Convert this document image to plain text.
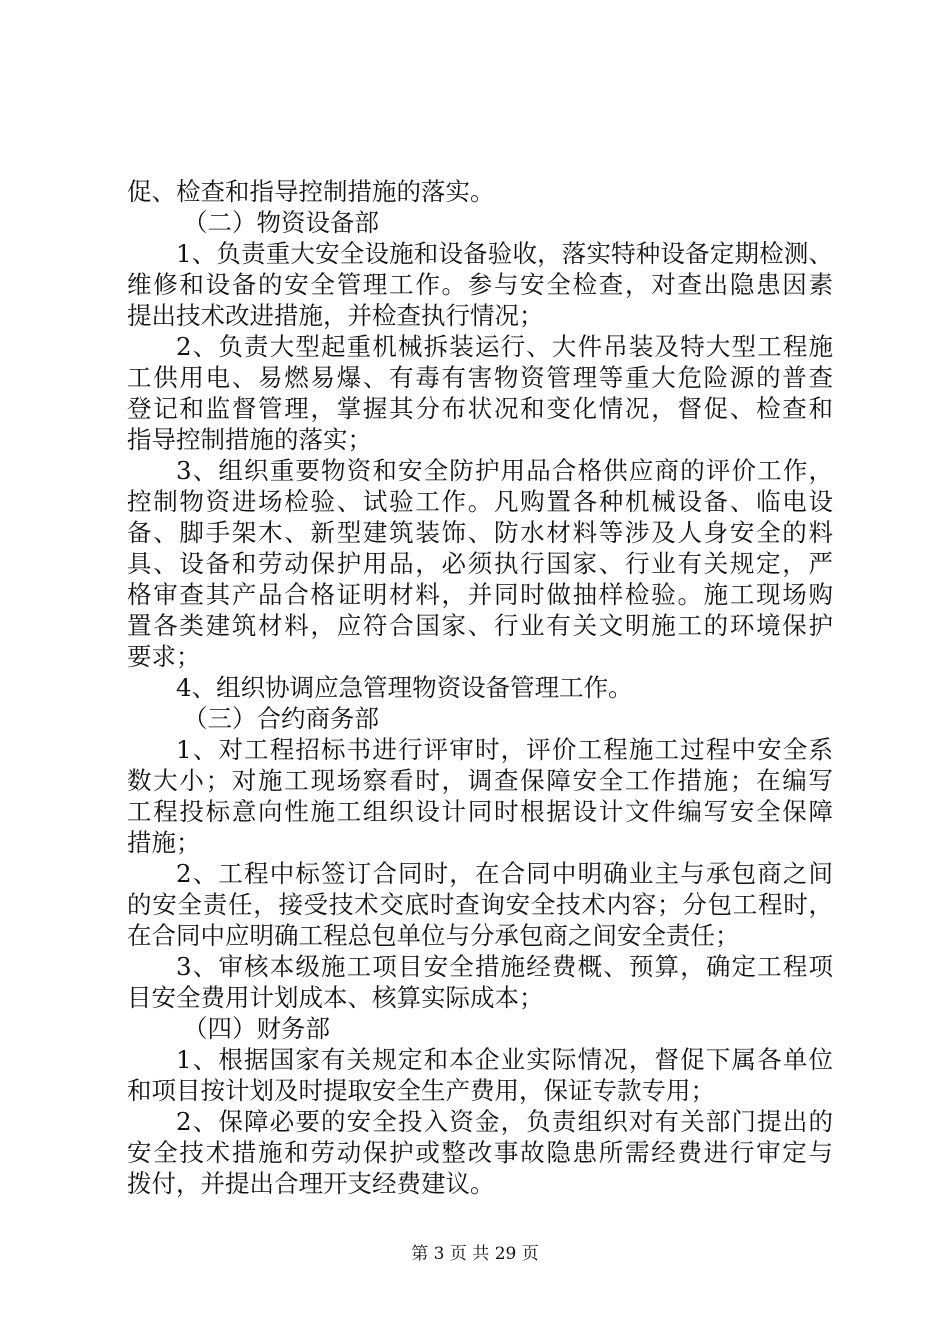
促、检查和指导控制措施的落实。
（二）物资设备部
1、负责重大安全设施和设备验收，落实特种设备定期检测、
维修和设备的安全管理工作。参与安全检查，对查出隐患因素
提出技术改进措施，并检查执行情况；
2、负责大型起重机械拆装运行、大件吊装及特大型工程施
工供用电、易燃易爆、有毒有害物资管理等重大危险源的普查
登记和监督管理，掌握其分布状况和变化情况，督促、检查和
指导控制措施的落实；
3、组织重要物资和安全防护用品合格供应商的评价工作，
控制物资进场检验、试验工作。凡购置各种机械设备、临电设
备、脚手架木、新型建筑装饰、防水材料等涉及人身安全的料
具、设备和劳动保护用品，必须执行国家、行业有关规定，严
格审查其产品合格证明材料，并同时做抽样检验。施工现场购
置各类建筑材料，应符合国家、行业有关文明施工的环境保护
要求；
4、组织协调应急管理物资设备管理工作。
（三）合约商务部
1、对工程招标书进行评审时，评价工程施工过程中安全系
数大小；对施工现场察看时，调查保障安全工作措施；在编写
工程投标意向性施工组织设计同时根据设计文件编写安全保障
措施；
2、工程中标签订合同时，在合同中明确业主与承包商之间
的安全责任，接受技术交底时查询安全技术内容；分包工程时，
在合同中应明确工程总包单位与分承包商之间安全责任；
3、审核本级施工项目安全措施经费概、预算，确定工程项
目安全费用计划成本、核算实际成本；
（四）财务部
1、根据国家有关规定和本企业实际情况，督促下属各单位
和项目按计划及时提取安全生产费用，保证专款专用；
2、保障必要的安全投入资金，负责组织对有关部门提出的
安全技术措施和劳动保护或整改事故隐患所需经费进行审定与
拨付，并提出合理开支经费建议。
第 3 页 共 29 页
